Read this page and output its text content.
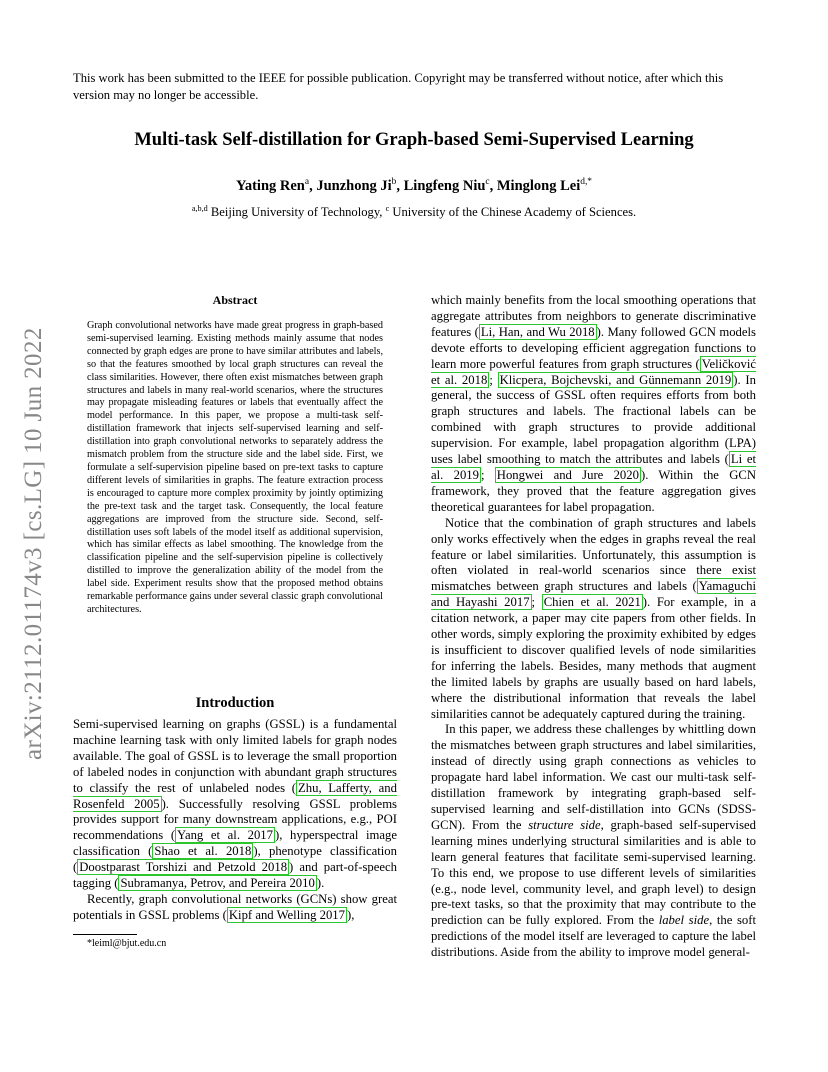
This work has been submitted to the IEEE for possible publication. Copyright may be transferred without notice, after which this version may no longer be accessible.
Multi-task Self-distillation for Graph-based Semi-Supervised Learning
Yating Ren$^a$, Junzhong Ji$^b$, Lingfeng Niu$^c$, Minglong Lei$^{d,*}$
$^{a,b,d}$ Beijing University of Technology, $^c$ University of the Chinese Academy of Sciences.
arXiv:2112.01174v3 [cs.LG] 10 Jun 2022
Abstract
Graph convolutional networks have made great progress in graph-based semi-supervised learning. Existing methods mainly assume that nodes connected by graph edges are prone to have similar attributes and labels, so that the features smoothed by local graph structures can reveal the class similarities. However, there often exist mismatches between graph structures and labels in many real-world scenarios, where the structures may propagate misleading features or labels that eventually affect the model performance. In this paper, we propose a multi-task self-distillation framework that injects self-supervised learning and self-distillation into graph convolutional networks to separately address the mismatch problem from the structure side and the label side. First, we formulate a self-supervision pipeline based on pre-text tasks to capture different levels of similarities in graphs. The feature extraction process is encouraged to capture more complex proximity by jointly optimizing the pre-text task and the target task. Consequently, the local feature aggregations are improved from the structure side. Second, self-distillation uses soft labels of the model itself as additional supervision, which has similar effects as label smoothing. The knowledge from the classification pipeline and the self-supervision pipeline is collectively distilled to improve the generalization ability of the model from the label side. Experiment results show that the proposed method obtains remarkable performance gains under several classic graph convolutional architectures.
Introduction

Semi-supervised learning on graphs (GSSL) is a fundamental machine learning task with only limited labels for graph nodes available. The goal of GSSL is to leverage the small proportion of labeled nodes in conjunction with abundant graph structures to classify the rest of unlabeled nodes ( Zhu, Lafferty, and Rosenfeld 2005 ). Successfully resolving GSSL problems provides support for many downstream applications, e.g., POI recommendations ( Yang et al. 2017 ), hyperspectral image classification ( Shao et al. 2018 ), phenotype classification ( Doostparast Torshizi and Petzold 2018 ) and part-of-speech tagging ( Subramanya, Petrov, and Pereira 2010 ).

Recently, graph convolutional networks (GCNs) show great potentials in GSSL problems ( Kipf and Welling 2017 ),

*leiml@bjut.edu.cn

which mainly benefits from the local smoothing operations that aggregate attributes from neighbors to generate discriminative features ( Li, Han, and Wu 2018 ). Many followed GCN models devote efforts to developing efficient aggregation functions to learn more powerful features from graph structures ( Veličković et al. 2018 ; Klicpera, Bojchevski, and Günnemann 2019 ). In general, the success of GSSL often requires efforts from both graph structures and labels. The fractional labels can be combined with graph structures to provide additional supervision. For example, label propagation algorithm (LPA) uses label smoothing to match the attributes and labels ( Li et al. 2019 ; Hongwei and Jure 2020 ). Within the GCN framework, they proved that the feature aggregation gives theoretical guarantees for label propagation.

Notice that the combination of graph structures and labels only works effectively when the edges in graphs reveal the real feature or label similarities. Unfortunately, this assumption is often violated in real-world scenarios since there exist mismatches between graph structures and labels ( Yamaguchi and Hayashi 2017 ; Chien et al. 2021 ). For example, in a citation network, a paper may cite papers from other fields. In other words, simply exploring the proximity exhibited by edges is insufficient to discover qualified levels of node similarities for inferring the labels. Besides, many methods that augment the limited labels by graphs are usually based on hard labels, where the distributional information that reveals the label similarities cannot be adequately captured during the training.

In this paper, we address these challenges by whittling down the mismatches between graph structures and label similarities, instead of directly using graph connections as vehicles to propagate hard label information. We cast our multi-task self-distillation framework by integrating graph-based self-supervised learning and self-distillation into GCNs (SDSS-GCN). From the structure side, graph-based self-supervised learning mines underlying structural similarities and is able to learn general features that facilitate semi-supervised learning. To this end, we propose to use different levels of similarities (e.g., node level, community level, and graph level) to design pre-text tasks, so that the proximity that may contribute to the prediction can be fully explored. From the label side, the soft predictions of the model itself are leveraged to capture the label distributions. Aside from the ability to improve model general-
